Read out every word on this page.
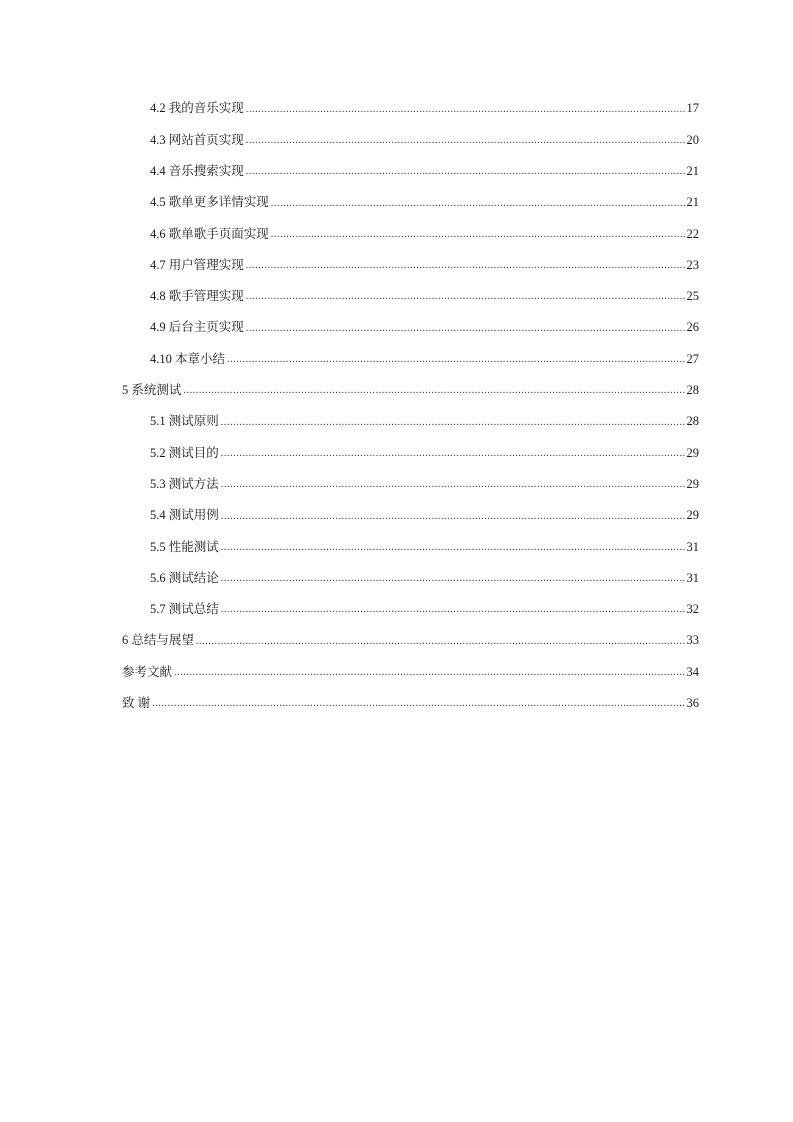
4.2 我的音乐实现 .....	17
4.3 网站首页实现 .....	20
4.4 音乐搜索实现 .....	21
4.5 歌单更多详情实现 .....	21
4.6 歌单歌手页面实现 .....	22
4.7 用户管理实现 .....	23
4.8 歌手管理实现 .....	25
4.9 后台主页实现 .....	26
4.10 本章小结 .....	27
5 系统测试 .....	28
5.1 测试原则 .....	28
5.2 测试目的 .....	29
5.3 测试方法 .....	29
5.4 测试用例 .....	29
5.5 性能测试 .....	31
5.6 测试结论 .....	31
5.7 测试总结 .....	32
6 总结与展望 .....	33
参考文献 .....	34
致 谢 .....	36
